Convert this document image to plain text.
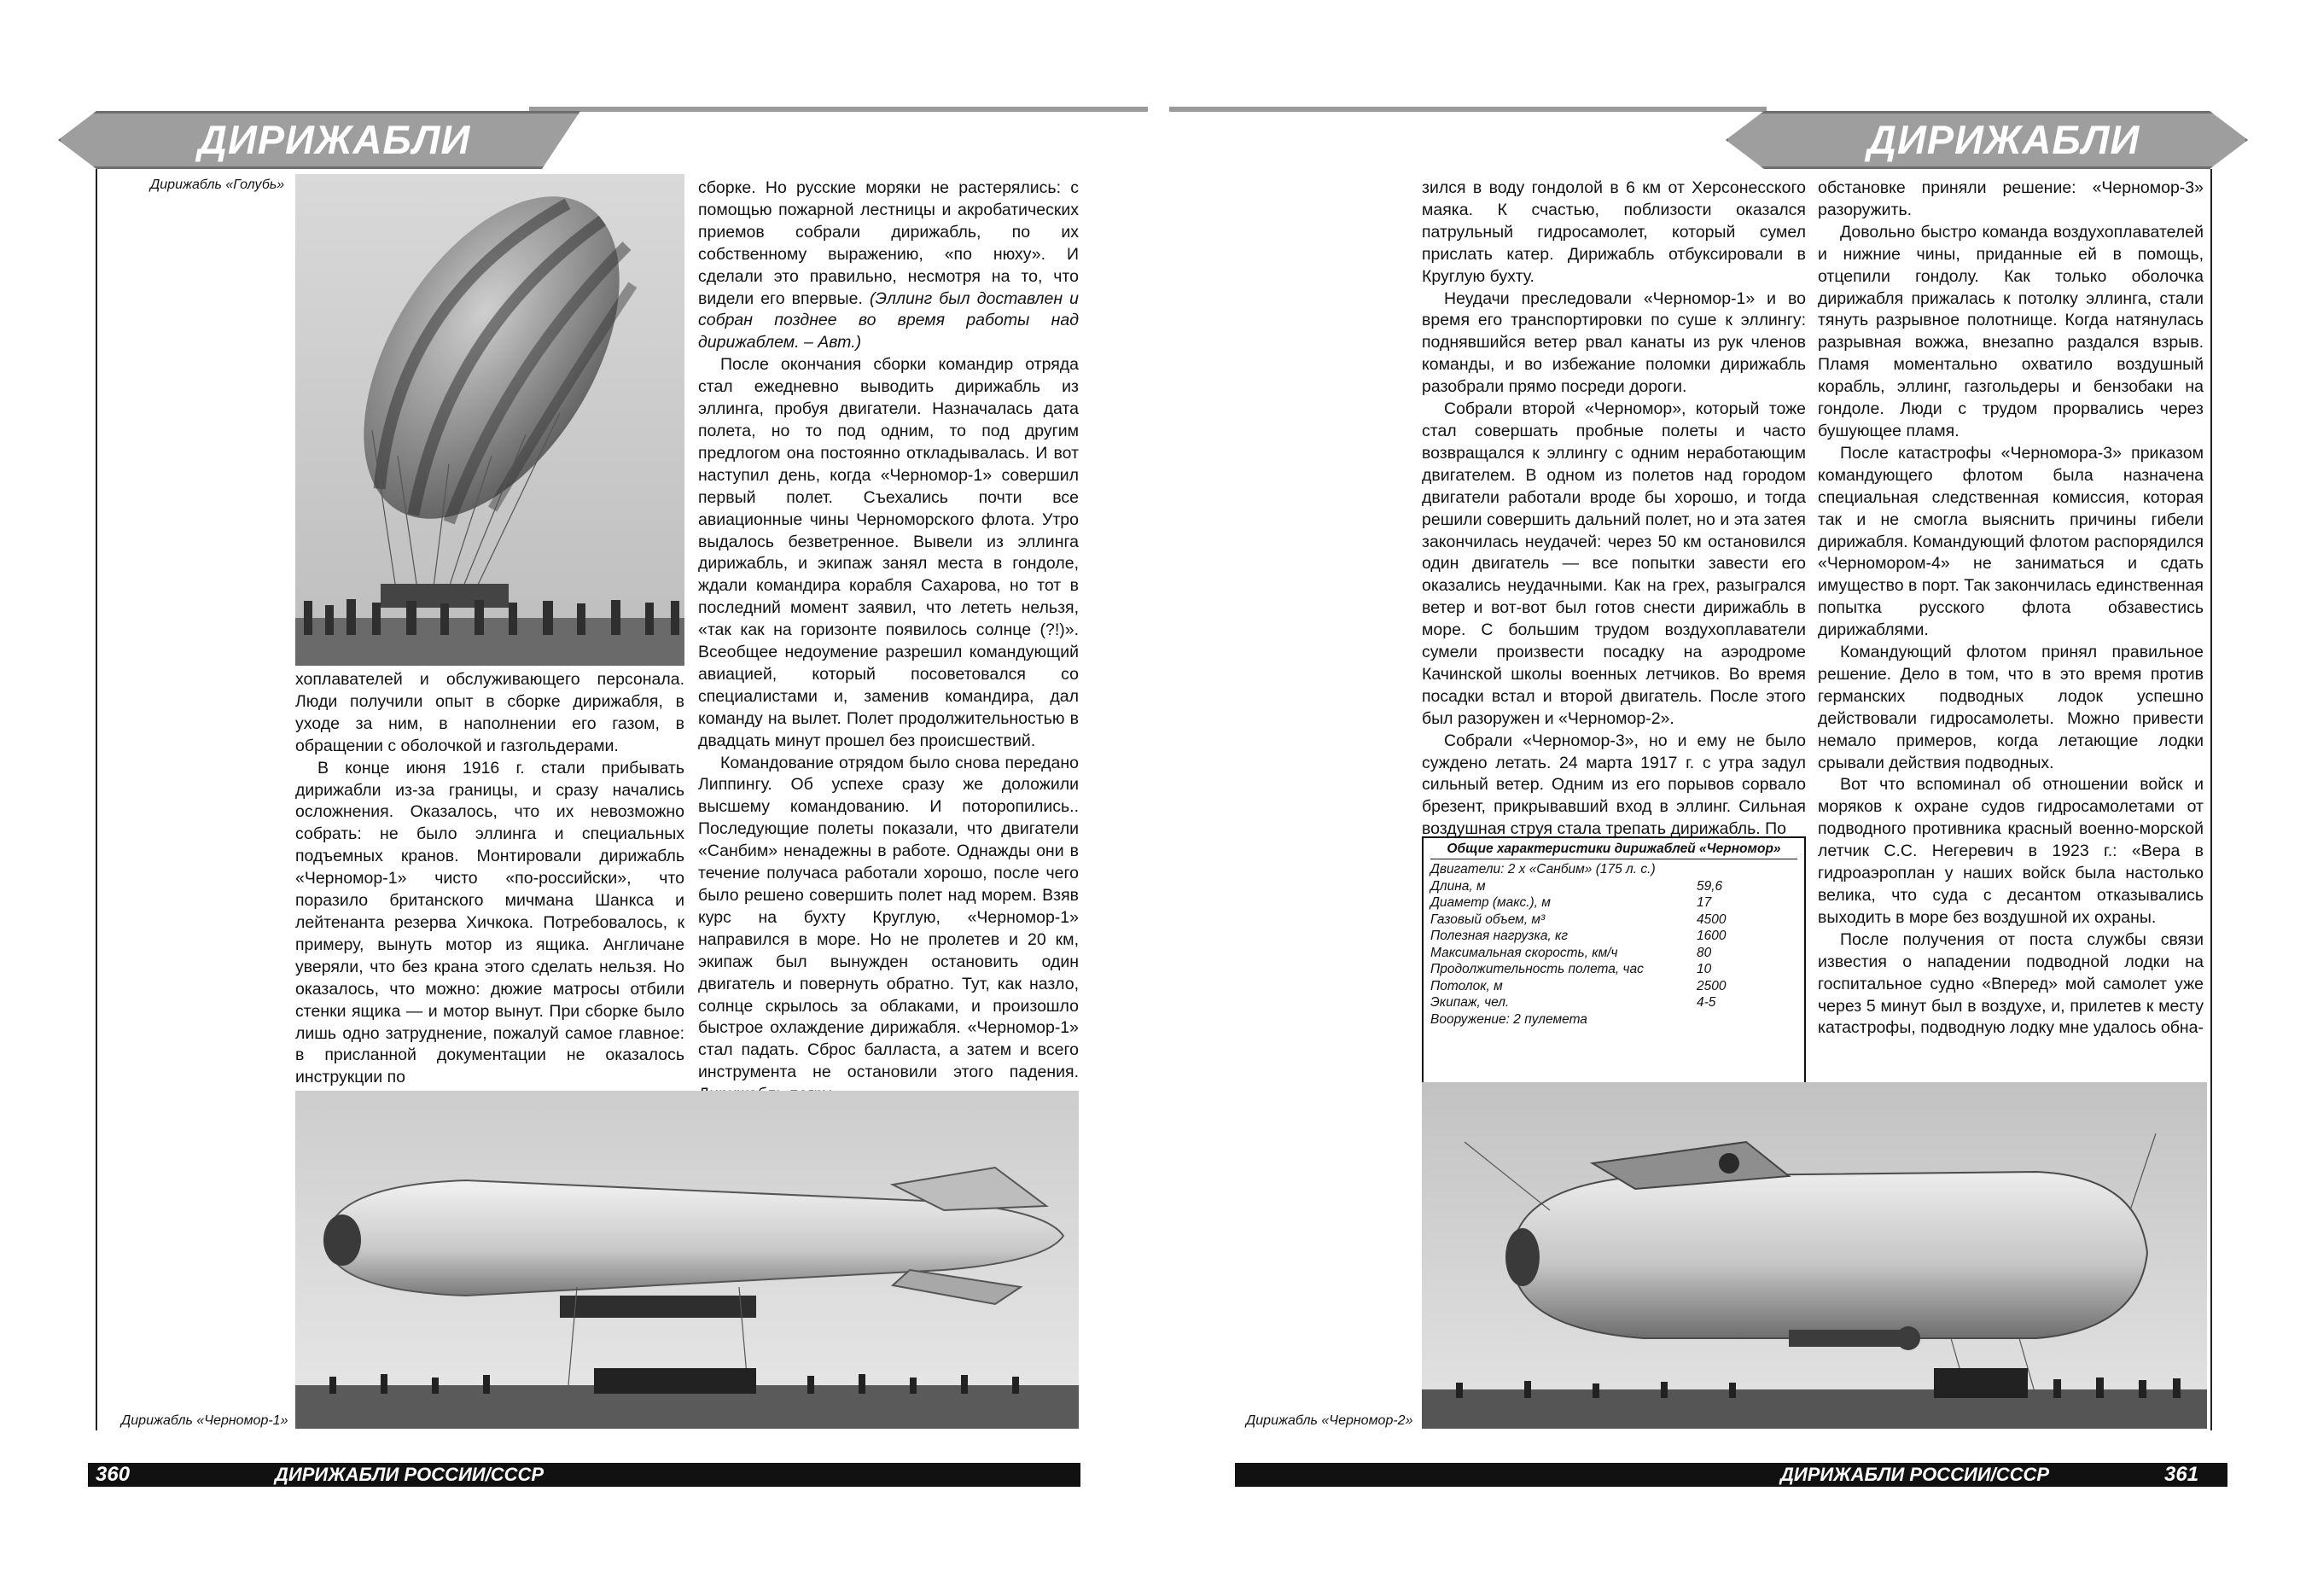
ДИРИЖАБЛИ	ДИРИЖАБЛИ
Дирижабль «Голубь»

хоплавателей и обслуживающего персонала. Люди получили опыт в сборке дирижабля, в уходе за ним, в наполнении его газом, в обращении с оболочкой и газгольдерами.

В конце июня 1916 г. стали прибывать дирижабли из-за границы, и сразу начались осложнения. Оказалось, что их невозможно собрать: не было эллинга и специальных подъемных кранов. Монтировали дирижабль «Черномор-1» чисто «по-российски», что поразило британского мичмана Шанкса и лейтенанта резерва Хичкока. Потребовалось, к примеру, вынуть мотор из ящика. Англичане уверяли, что без крана этого сделать нельзя. Но оказалось, что можно: дюжие матросы отбили стенки ящика — и мотор вынут. При сборке было лишь одно затруднение, пожалуй самое главное: в присланной документации не оказалось инструкции по

сборке. Но русские моряки не растерялись: с помощью пожарной лестницы и акробатических приемов собрали дирижабль, по их собственному выражению, «по нюху». И сделали это правильно, несмотря на то, что видели его впервые. (Эллинг был доставлен и собран позднее во время работы над дирижаблем. – Авт.)

После окончания сборки командир отряда стал ежедневно выводить дирижабль из эллинга, пробуя двигатели. Назначалась дата полета, но то под одним, то под другим предлогом она постоянно откладывалась. И вот наступил день, когда «Черномор-1» совершил первый полет. Съехались почти все авиационные чины Черноморского флота. Утро выдалось безветренное. Вывели из эллинга дирижабль, и экипаж занял места в гондоле, ждали командира корабля Сахарова, но тот в последний момент заявил, что лететь нельзя, «так как на горизонте появилось солнце (?!)». Всеобщее недоумение разрешил командующий авиацией, который посоветовался со специалистами и, заменив командира, дал команду на вылет. Полет продолжительностью в двадцать минут прошел без происшествий.

Командование отрядом было снова передано Липпингу. Об успехе сразу же доложили высшему командованию. И поторопились.. Последующие полеты показали, что двигатели «Санбим» ненадежны в работе. Однажды они в течение получаса работали хорошо, после чего было решено совершить полет над морем. Взяв курс на бухту Круглую, «Черномор-1» направился в море. Но не пролетев и 20 км, экипаж был вынужден остановить один двигатель и повернуть обратно. Тут, как назло, солнце скрылось за облаками, и произошло быстрое охлаждение дирижабля. «Черномор-1» стал падать. Сброс балласта, а затем и всего инструмента не остановили этого падения.

Дирижабль «Черномор-1»

зился в воду гондолой в 6 км от Херсонесского маяка. К счастью, поблизости оказался патрульный гидросамолет, который сумел прислать катер. Дирижабль отбуксировали в Круглую бухту.

Неудачи преследовали «Черномор-1» и во время его транспортировки по суше к эллингу: поднявшийся ветер рвал канаты из рук членов команды, и во избежание поломки дирижабль разобрали прямо посреди дороги.

Собрали второй «Черномор», который тоже стал совершать пробные полеты и часто возвращался к эллингу с одним неработающим двигателем. В одном из полетов над городом двигатели работали вроде бы хорошо, и тогда решили совершить дальний полет, но и эта затея закончилась неудачей: через 50 км остановился один двигатель — все попытки завести его оказались неудачными. Как на грех, разыгрался ветер и вот-вот был готов снести дирижабль в море. С большим трудом воздухоплаватели сумели произвести посадку на аэродроме Качинской школы военных летчиков. Во время посадки встал и второй двигатель. После этого был разоружен и «Черномор-2».

Собрали «Черномор-3», но и ему не было суждено летать. 24 марта 1917 г. с утра задул сильный ветер. Одним из его порывов сорвало брезент, прикрывавший вход в эллинг. Сильная воздушная струя стала трепать дирижабль. По

Общие характеристики дирижаблей «Черномор»
Двигатели: 2 х «Санбим» (175 л. с.)
Длина, м	59,6
Диаметр (макс.), м	17
Газовый объем, м³	4500
Полезная нагрузка, кг	1600
Максимальная скорость, км/ч	80
Продолжительность полета, час	10
Потолок, м	2500
Экипаж, чел.	4-5
Вооружение: 2 пулемета

обстановке приняли решение: «Черномор-3» разоружить.

Довольно быстро команда воздухоплавателей и нижние чины, приданные ей в помощь, отцепили гондолу. Как только оболочка дирижабля прижалась к потолку эллинга, стали тянуть разрывное полотнище. Когда натянулась разрывная вожжа, внезапно раздался взрыв. Пламя моментально охватило воздушный корабль, эллинг, газгольдеры и бензобаки на гондоле. Люди с трудом прорвались через бушующее пламя.

После катастрофы «Черномора-3» приказом командующего флотом была назначена специальная следственная комиссия, которая так и не смогла выяснить причины гибели дирижабля. Командующий флотом распорядился «Черномором-4» не заниматься и сдать имущество в порт. Так закончилась единственная попытка русского флота обзавестись дирижаблями.

Командующий флотом принял правильное решение. Дело в том, что в это время против германских подводных лодок успешно действовали гидросамолеты. Можно привести немало примеров, когда летающие лодки срывали действия подводных.

Вот что вспоминал об отношении войск и моряков к охране судов гидросамолетами от подводного противника красный военно-морской летчик С.С. Негеревич в 1923 г.: «Вера в гидроаэроплан у наших войск была настолько велика, что суда с десантом отказывались выходить в море без воздушной их охраны.

После получения от поста службы связи известия о нападении подводной лодки на госпитальное судно «Вперед» мой самолет уже через 5 минут был в воздухе, и, прилетев к месту катастрофы, подводную лодку мне удалось обна-

Дирижабль «Черномор-2»
360	ДИРИЖАБЛИ РОССИИ/СССР	ДИРИЖАБЛИ РОССИИ/СССР	361
